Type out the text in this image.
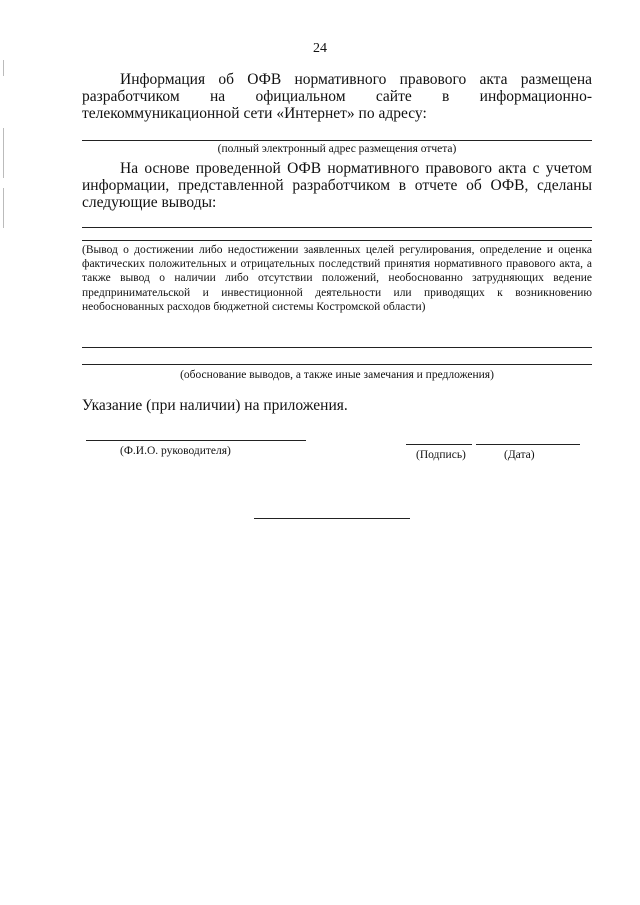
24
Информация об ОФВ нормативного правового акта размещена разработчиком на официальном сайте в информационно-телекоммуникационной сети «Интернет» по адресу:
(полный электронный адрес размещения отчета)
На основе проведенной ОФВ нормативного правового акта с учетом информации, представленной разработчиком в отчете об ОФВ, сделаны следующие выводы:
(Вывод о достижении либо недостижении заявленных целей регулирования, определение и оценка фактических положительных и отрицательных последствий принятия нормативного правового акта, а также вывод о наличии либо отсутствии положений, необоснованно затрудняющих ведение предпринимательской и инвестиционной деятельности или приводящих к возникновению необоснованных расходов бюджетной системы Костромской области)
(обоснование выводов, а также иные замечания и предложения)
Указание (при наличии) на приложения.
(Ф.И.О. руководителя)	(Подпись)	(Дата)
